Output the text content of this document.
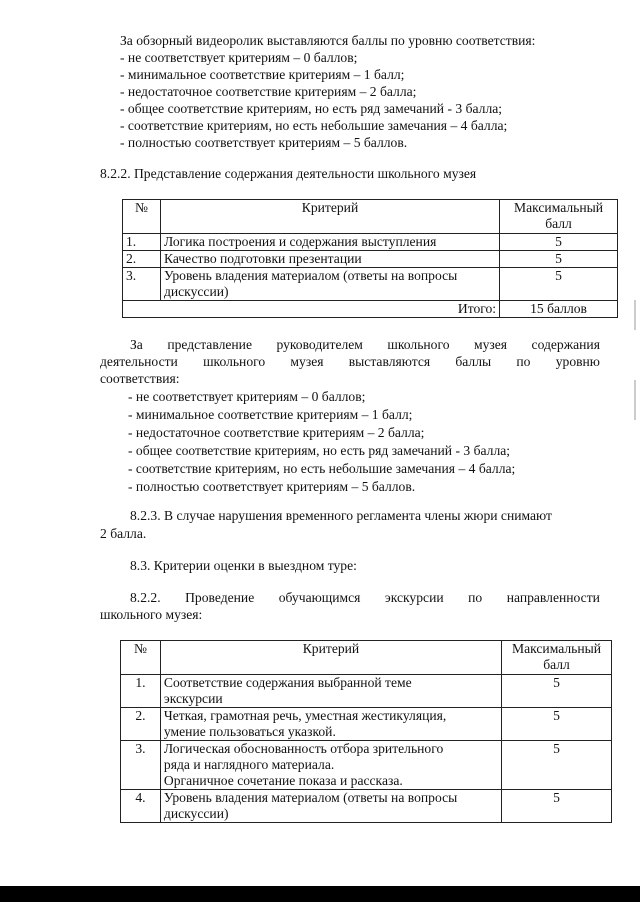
За обзорный видеоролик выставляются баллы по уровню соответствия:
- не соответствует критериям – 0 баллов;
- минимальное соответствие критериям – 1 балл;
- недостаточное соответствие критериям – 2 балла;
- общее соответствие критериям, но есть ряд замечаний - 3 балла;
- соответствие критериям, но есть небольшие замечания – 4 балла;
- полностью соответствует критериям – 5 баллов.
8.2.2. Представление содержания деятельности школьного музея
№	Критерий	Максимальный балл
1.	Логика построения и содержания выступления	5
2.	Качество подготовки презентации	5
3.	Уровень владения материалом (ответы на вопросы дискуссии)	5
Итого:		15 баллов
За представление руководителем школьного музея содержания
деятельности школьного музея выставляются баллы по уровню
соответствия:
- не соответствует критериям – 0 баллов;
- минимальное соответствие критериям – 1 балл;
- недостаточное соответствие критериям – 2 балла;
- общее соответствие критериям, но есть ряд замечаний - 3 балла;
- соответствие критериям, но есть небольшие замечания – 4 балла;
- полностью соответствует критериям – 5 баллов.
8.2.3. В случае нарушения временного регламента члены жюри снимают
2 балла.
8.3. Критерии оценки в выездном туре:
8.2.2. Проведение обучающимся экскурсии по направленности
школьного музея:
№	Критерий	Максимальный балл
1.	Соответствие содержания выбранной теме
экскурсии	5
2.	Четкая, грамотная речь, уместная жестикуляция,
умение пользоваться указкой.	5
3.	Логическая обоснованность отбора зрительного
ряда и наглядного материала.
Органичное сочетание показа и рассказа.	5
4.	Уровень владения материалом (ответы на вопросы
дискуссии)	5
